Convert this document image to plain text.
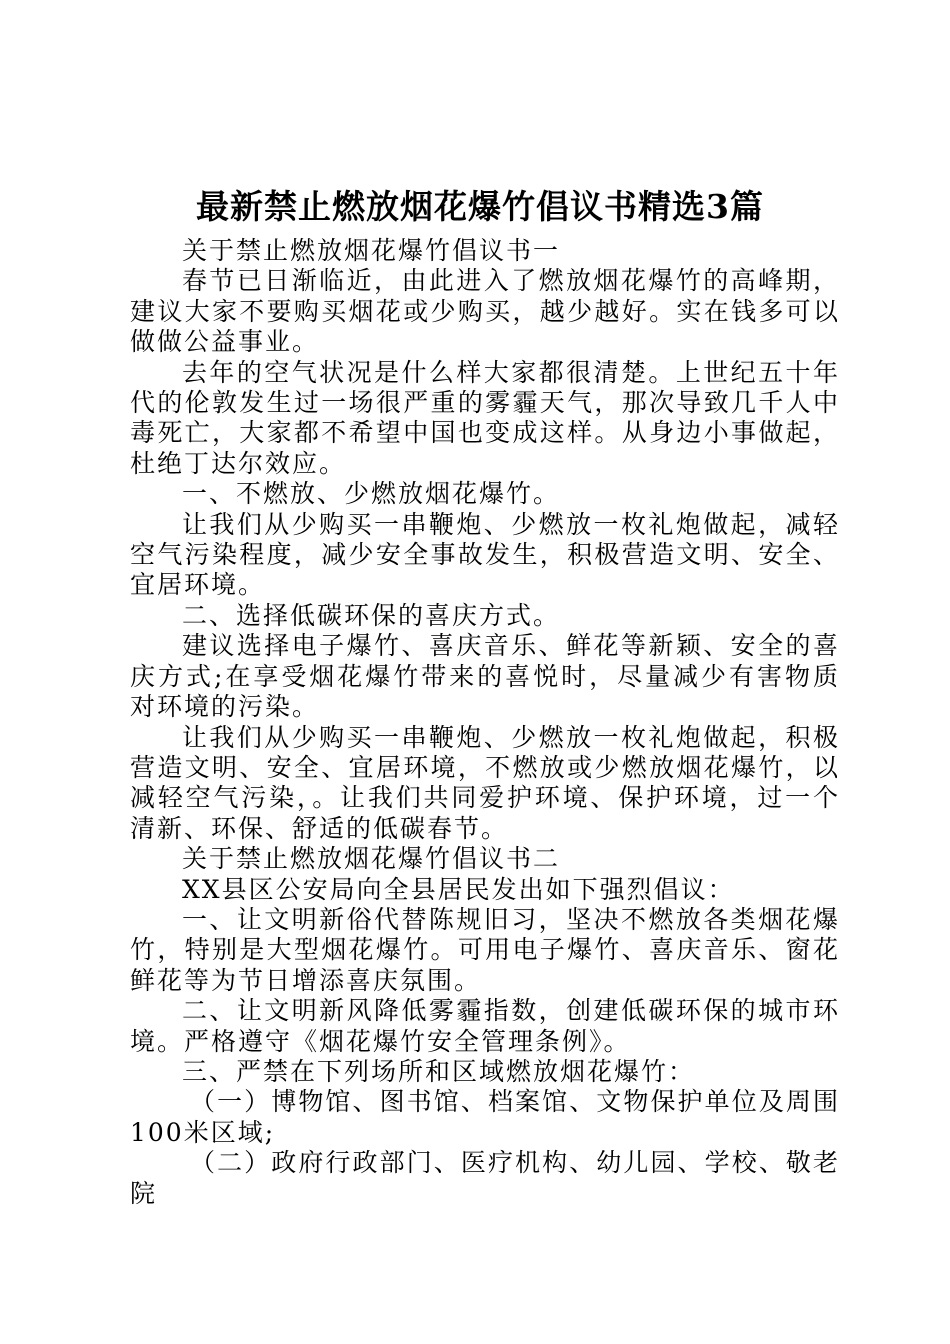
最新禁止燃放烟花爆竹倡议书精选3篇

关于禁止燃放烟花爆竹倡议书一

春节已日渐临近，由此进入了燃放烟花爆竹的高峰期，建议大家不要购买烟花或少购买，越少越好。实在钱多可以做做公益事业。

去年的空气状况是什么样大家都很清楚。上世纪五十年代的伦敦发生过一场很严重的雾霾天气，那次导致几千人中毒死亡，大家都不希望中国也变成这样。从身边小事做起，杜绝丁达尔效应。

一、不燃放、少燃放烟花爆竹。

让我们从少购买一串鞭炮、少燃放一枚礼炮做起，减轻空气污染程度，减少安全事故发生，积极营造文明、安全、宜居环境。

二、选择低碳环保的喜庆方式。

建议选择电子爆竹、喜庆音乐、鲜花等新颖、安全的喜庆方式;在享受烟花爆竹带来的喜悦时，尽量减少有害物质对环境的污染。

让我们从少购买一串鞭炮、少燃放一枚礼炮做起，积极营造文明、安全、宜居环境，不燃放或少燃放烟花爆竹，以减轻空气污染，。让我们共同爱护环境、保护环境，过一个清新、环保、舒适的低碳春节。

关于禁止燃放烟花爆竹倡议书二

XX县区公安局向全县居民发出如下强烈倡议：

一、让文明新俗代替陈规旧习，坚决不燃放各类烟花爆竹，特别是大型烟花爆竹。可用电子爆竹、喜庆音乐、窗花鲜花等为节日增添喜庆氛围。

二、让文明新风降低雾霾指数，创建低碳环保的城市环境。严格遵守《烟花爆竹安全管理条例》。

三、严禁在下列场所和区域燃放烟花爆竹：

（一）博物馆、图书馆、档案馆、文物保护单位及周围100米区域;

（二）政府行政部门、医疗机构、幼儿园、学校、敬老院
